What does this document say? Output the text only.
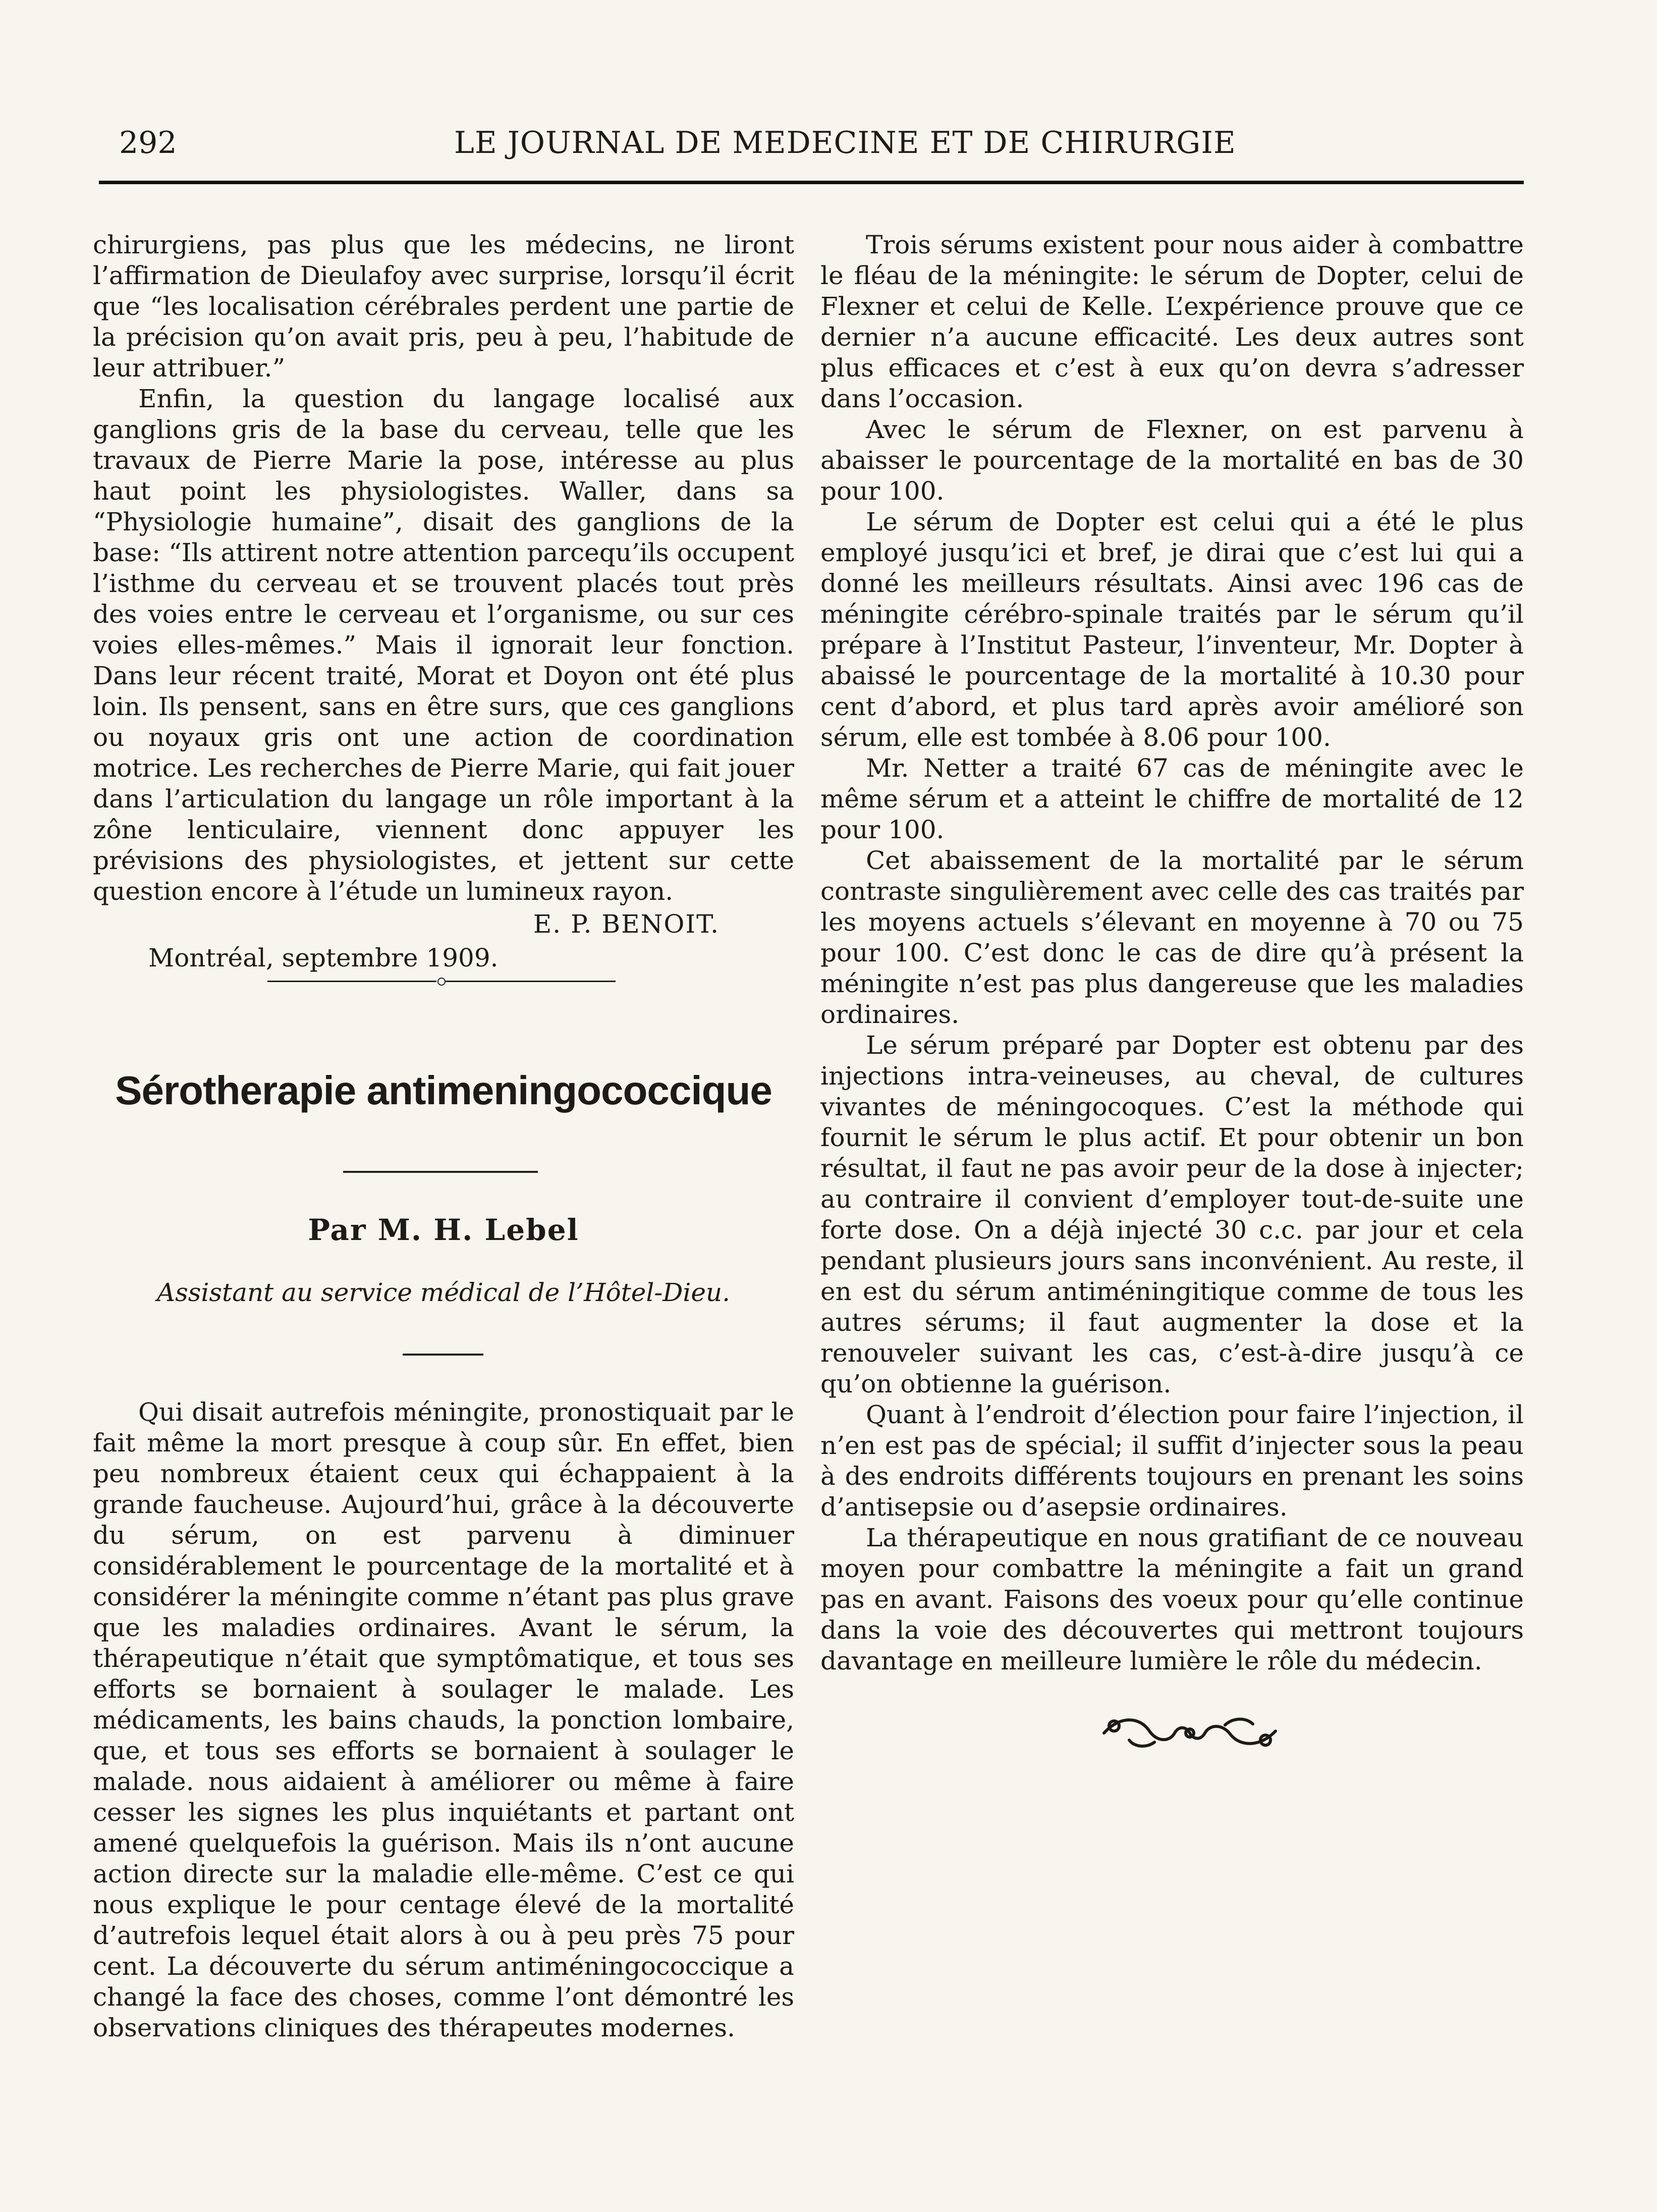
292	LE JOURNAL DE MEDECINE ET DE CHIRURGIE

chirurgiens, pas plus que les médecins, ne liront l’affirmation de Dieulafoy avec surprise, lorsqu’il écrit que “les localisation cérébrales perdent une partie de la précision qu’on avait pris, peu à peu, l’habitude de leur attribuer.”

Enfin, la question du langage localisé aux ganglions gris de la base du cerveau, telle que les travaux de Pierre Marie la pose, intéresse au plus haut point les physiologistes. Waller, dans sa “Physiologie humaine”, disait des ganglions de la base: “Ils attirent notre attention parcequ’ils occupent l’isthme du cerveau et se trouvent placés tout près des voies entre le cerveau et l’organisme, ou sur ces voies elles-mêmes.” Mais il ignorait leur fonction. Dans leur récent traité, Morat et Doyon ont été plus loin. Ils pensent, sans en être surs, que ces ganglions ou noyaux gris ont une action de coordination motrice. Les recherches de Pierre Marie, qui fait jouer dans l’articulation du langage un rôle important à la zône lenticulaire, viennent donc appuyer les prévisions des physiologistes, et jettent sur cette question encore à l’étude un lumineux rayon.

E. P. BENOIT.

Montréal, septembre 1909.

Sérotherapie antimeningococcique
Par M. H. Lebel
Assistant au service médical de l’Hôtel-Dieu.

Qui disait autrefois méningite, pronostiquait par le fait même la mort presque à coup sûr. En effet, bien peu nombreux étaient ceux qui échappaient à la grande faucheuse. Aujourd’hui, grâce à la découverte du sérum, on est parvenu à diminuer considérablement le pourcentage de la mortalité et à considérer la méningite comme n’étant pas plus grave que les maladies ordinaires. Avant le sérum, la thérapeutique n’était que symptômatique, et tous ses efforts se bornaient à soulager le malade. Les médicaments, les bains chauds, la ponction lombaire, que, et tous ses efforts se bornaient à soulager le malade. nous aidaient à améliorer ou même à faire cesser les signes les plus inquiétants et partant ont amené quelquefois la guérison. Mais ils n’ont aucune action directe sur la maladie elle-même. C’est ce qui nous explique le pour centage élevé de la mortalité d’autrefois lequel était alors à ou à peu près 75 pour cent. La découverte du sérum antiméningococcique a changé la face des choses, comme l’ont démontré les observations cliniques des thérapeutes modernes.

Trois sérums existent pour nous aider à combattre le fléau de la méningite: le sérum de Dopter, celui de Flexner et celui de Kelle. L’expérience prouve que ce dernier n’a aucune efficacité. Les deux autres sont plus efficaces et c’est à eux qu’on devra s’adresser dans l’occasion.

Avec le sérum de Flexner, on est parvenu à abaisser le pourcentage de la mortalité en bas de 30 pour 100.

Le sérum de Dopter est celui qui a été le plus employé jusqu’ici et bref, je dirai que c’est lui qui a donné les meilleurs résultats. Ainsi avec 196 cas de méningite cérébro-spinale traités par le sérum qu’il prépare à l’Institut Pasteur, l’inventeur, Mr. Dopter à abaissé le pourcentage de la mortalité à 10.30 pour cent d’abord, et plus tard après avoir amélioré son sérum, elle est tombée à 8.06 pour 100.

Mr. Netter a traité 67 cas de méningite avec le même sérum et a atteint le chiffre de mortalité de 12 pour 100.

Cet abaissement de la mortalité par le sérum contraste singulièrement avec celle des cas traités par les moyens actuels s’élevant en moyenne à 70 ou 75 pour 100. C’est donc le cas de dire qu’à présent la méningite n’est pas plus dangereuse que les maladies ordinaires.

Le sérum préparé par Dopter est obtenu par des injections intra-veineuses, au cheval, de cultures vivantes de méningocoques. C’est la méthode qui fournit le sérum le plus actif. Et pour obtenir un bon résultat, il faut ne pas avoir peur de la dose à injecter; au contraire il convient d’employer tout-de-suite une forte dose. On a déjà injecté 30 c.c. par jour et cela pendant plusieurs jours sans inconvénient. Au reste, il en est du sérum antiméningitique comme de tous les autres sérums; il faut augmenter la dose et la renouveler suivant les cas, c’est-à-dire jusqu’à ce qu’on obtienne la guérison.

Quant à l’endroit d’élection pour faire l’injection, il n’en est pas de spécial; il suffit d’injecter sous la peau à des endroits différents toujours en prenant les soins d’antisepsie ou d’asepsie ordinaires.

La thérapeutique en nous gratifiant de ce nouveau moyen pour combattre la méningite a fait un grand pas en avant. Faisons des voeux pour qu’elle continue dans la voie des découvertes qui mettront toujours davantage en meilleure lumière le rôle du médecin.
